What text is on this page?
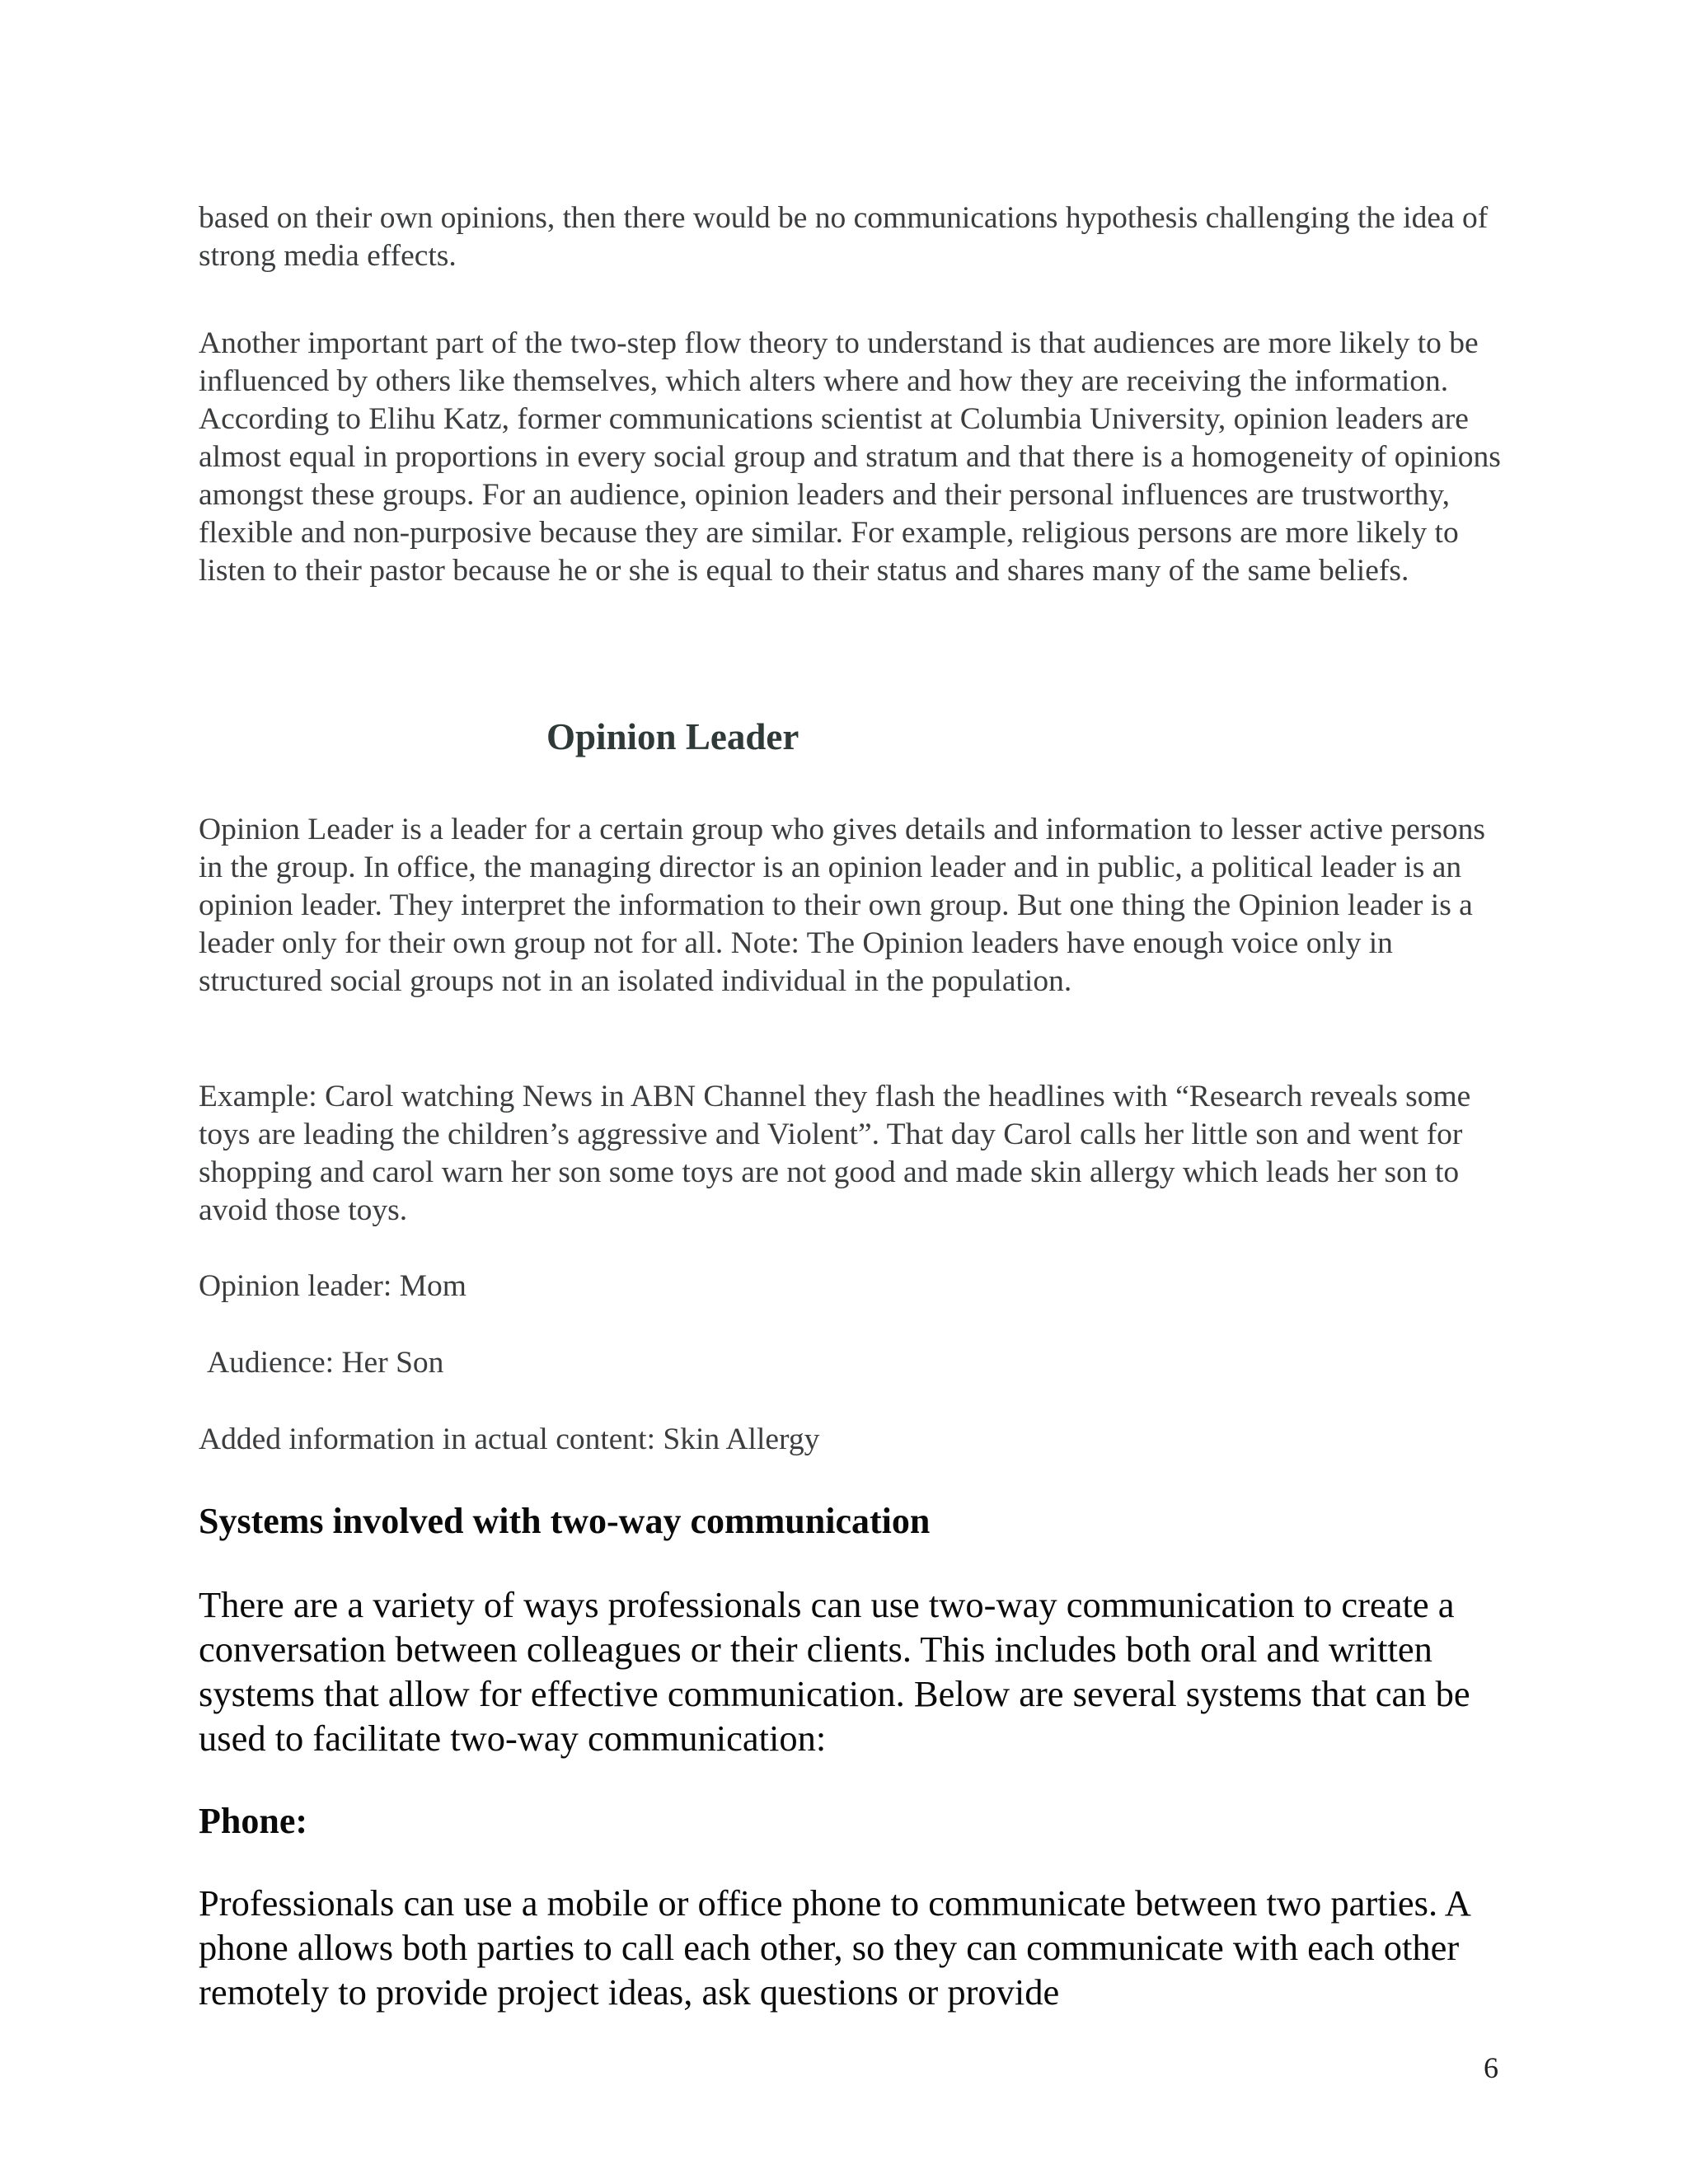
based on their own opinions, then there would be no communications hypothesis challenging the idea of strong media effects.

Another important part of the two-step flow theory to understand is that audiences are more likely to be influenced by others like themselves, which alters where and how they are receiving the information. According to Elihu Katz, former communications scientist at Columbia University, opinion leaders are almost equal in proportions in every social group and stratum and that there is a homogeneity of opinions amongst these groups. For an audience, opinion leaders and their personal influences are trustworthy, flexible and non-purposive because they are similar. For example, religious persons are more likely to listen to their pastor because he or she is equal to their status and shares many of the same beliefs.

Opinion Leader

Opinion Leader is a leader for a certain group who gives details and information to lesser active persons in the group. In office, the managing director is an opinion leader and in public, a political leader is an opinion leader. They interpret the information to their own group. But one thing the Opinion leader is a leader only for their own group not for all. Note: The Opinion leaders have enough voice only in structured social groups not in an isolated individual in the population.

Example: Carol watching News in ABN Channel they flash the headlines with “Research reveals some toys are leading the children’s aggressive and Violent”. That day Carol calls her little son and went for shopping and carol warn her son some toys are not good and made skin allergy which leads her son to avoid those toys.

Opinion leader: Mom

Audience: Her Son

Added information in actual content: Skin Allergy

Systems involved with two-way communication

There are a variety of ways professionals can use two-way communication to create a conversation between colleagues or their clients. This includes both oral and written systems that allow for effective communication. Below are several systems that can be used to facilitate two-way communication:

Phone:

Professionals can use a mobile or office phone to communicate between two parties. A phone allows both parties to call each other, so they can communicate with each other remotely to provide project ideas, ask questions or provide

6
